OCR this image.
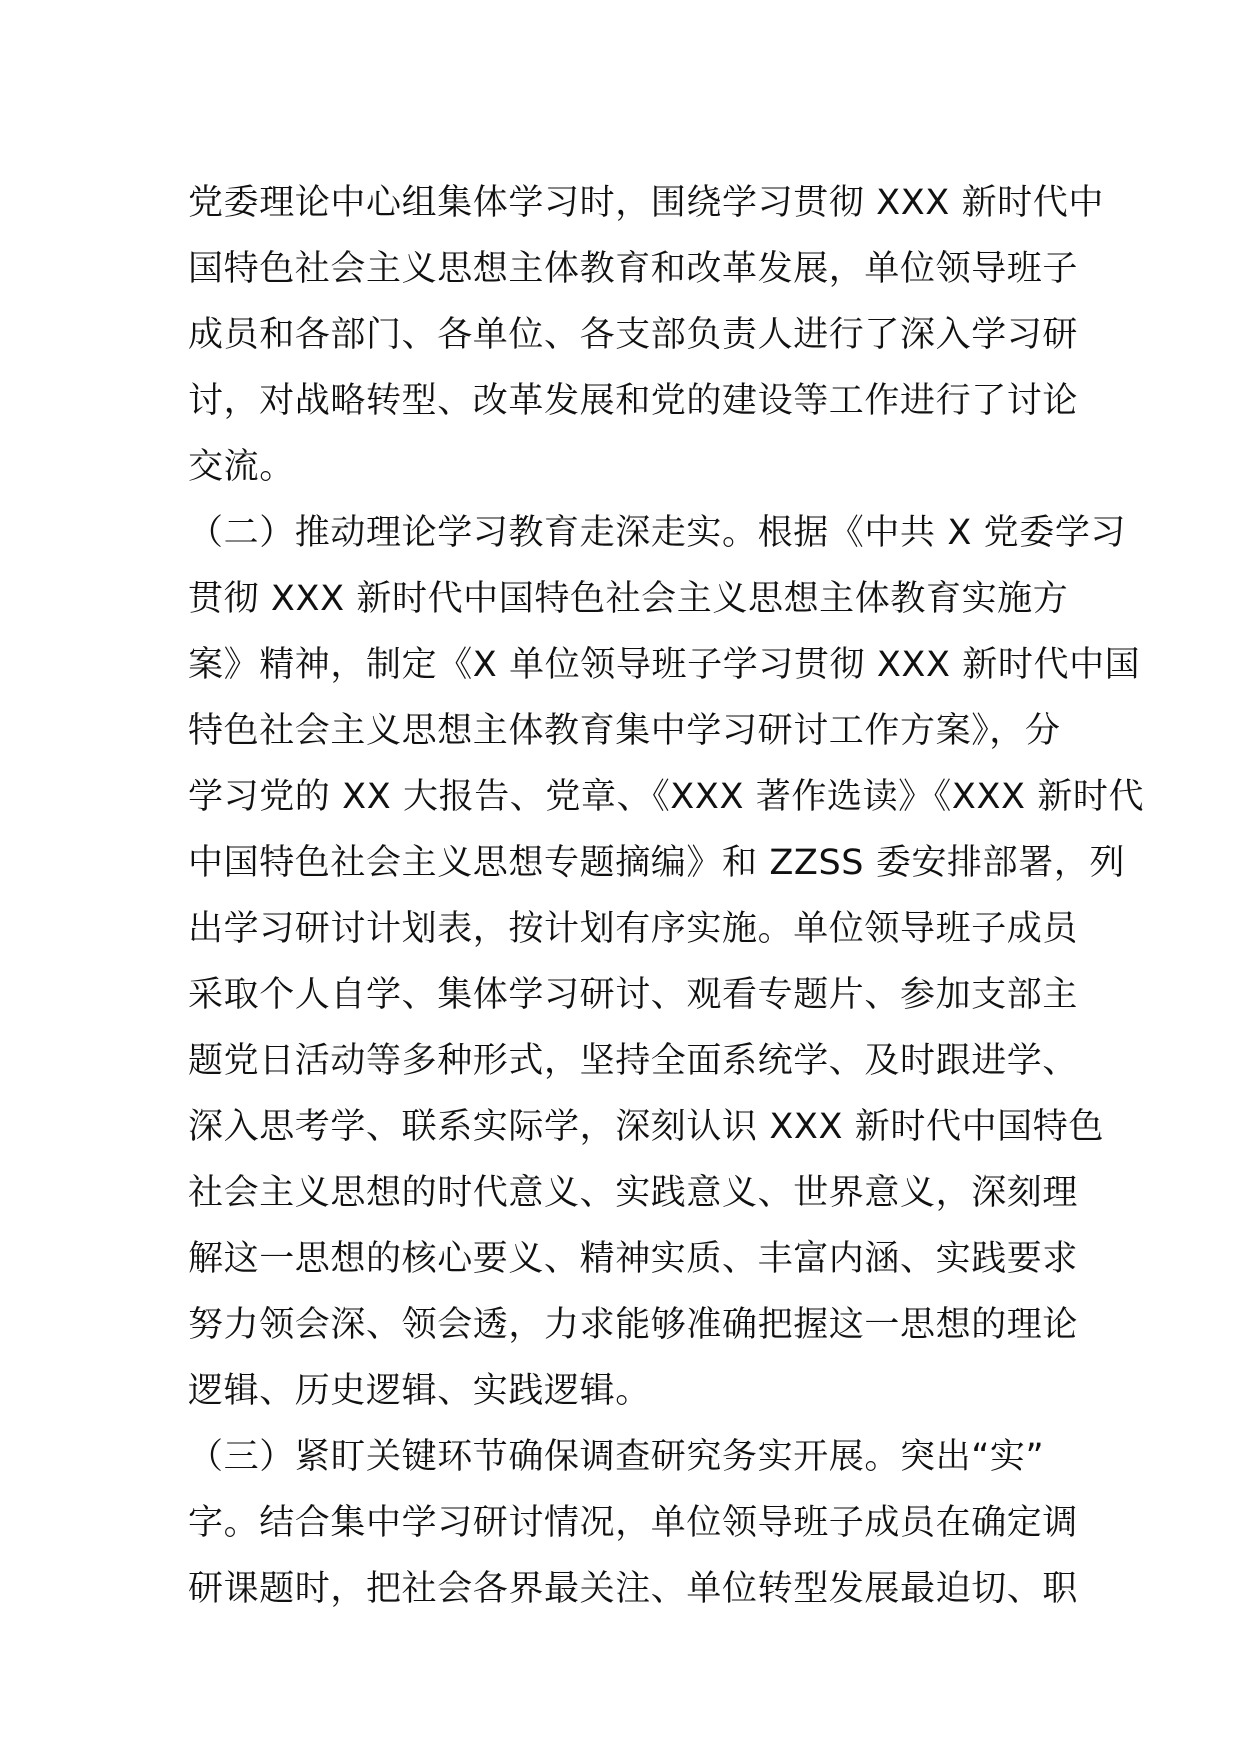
党委理论中心组集体学习时，围绕学习贯彻 XXX 新时代中
国特色社会主义思想主体教育和改革发展，单位领导班子
成员和各部门、各单位、各支部负责人进行了深入学习研
讨，对战略转型、改革发展和党的建设等工作进行了讨论
交流。
（二）推动理论学习教育走深走实。根据《中共 X 党委学习
贯彻 XXX 新时代中国特色社会主义思想主体教育实施方
案》精神，制定《X 单位领导班子学习贯彻 XXX 新时代中国
特色社会主义思想主体教育集中学习研讨工作方案》，分
学习党的 XX 大报告、党章、《XXX 著作选读》《XXX 新时代
中国特色社会主义思想专题摘编》和 ZZSS 委安排部署，列
出学习研讨计划表，按计划有序实施。单位领导班子成员
采取个人自学、集体学习研讨、观看专题片、参加支部主
题党日活动等多种形式，坚持全面系统学、及时跟进学、
深入思考学、联系实际学，深刻认识 XXX 新时代中国特色
社会主义思想的时代意义、实践意义、世界意义，深刻理
解这一思想的核心要义、精神实质、丰富内涵、实践要求
努力领会深、领会透，力求能够准确把握这一思想的理论
逻辑、历史逻辑、实践逻辑。
（三）紧盯关键环节确保调查研究务实开展。突出“实”
字。结合集中学习研讨情况，单位领导班子成员在确定调
研课题时，把社会各界最关注、单位转型发展最迫切、职
